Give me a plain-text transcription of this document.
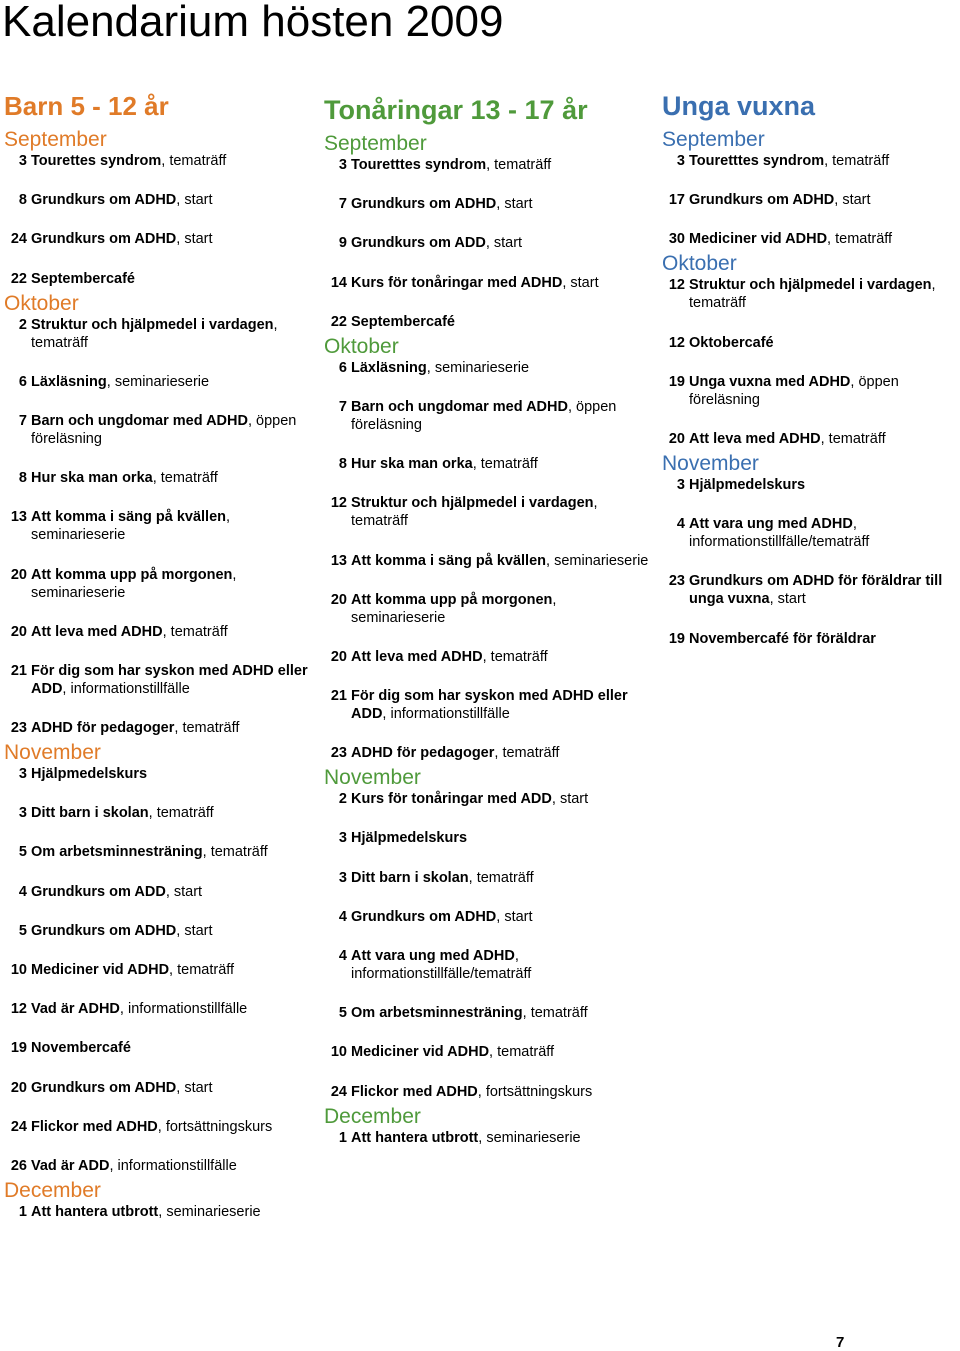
Kalendarium hösten 2009
Barn 5 - 12 år
September
3 Tourettes syndrom, tematräff
8 Grundkurs om ADHD, start
24 Grundkurs om ADHD, start
22 Septembercafé
Oktober
2 Struktur och hjälpmedel i vardagen, tematräff
6 Läxläsning, seminarieserie
7 Barn och ungdomar med ADHD, öppen föreläsning
8 Hur ska man orka, tematräff
13 Att komma i säng på kvällen, seminarieserie
20 Att komma upp på morgonen, seminarieserie
20 Att leva med ADHD, tematräff
21 För dig som har syskon med ADHD eller ADD, informationstillfälle
23 ADHD för pedagoger, tematräff
November
3 Hjälpmedelskurs
3 Ditt barn i skolan, tematräff
5 Om arbetsminnesträning, tematräff
4 Grundkurs om ADD, start
5 Grundkurs om ADHD, start
10 Mediciner vid ADHD, tematräff
12 Vad är ADHD, informationstillfälle
19 Novembercafé
20 Grundkurs om ADHD, start
24 Flickor med ADHD, fortsättningskurs
26 Vad är ADD, informationstillfälle
December
1 Att hantera utbrott, seminarieserie
Tonåringar 13 - 17 år
September
3 Touretttes syndrom, tematräff
7 Grundkurs om ADHD, start
9 Grundkurs om ADD, start
14 Kurs för tonåringar med ADHD, start
22 Septembercafé
Oktober
6 Läxläsning, seminarieserie
7 Barn och ungdomar med ADHD, öppen föreläsning
8 Hur ska man orka, tematräff
12 Struktur och hjälpmedel i vardagen, tematräff
13 Att komma i säng på kvällen, seminarieserie
20 Att komma upp på morgonen, seminarieserie
20 Att leva med ADHD, tematräff
21 För dig som har syskon med ADHD eller ADD, informationstillfälle
23 ADHD för pedagoger, tematräff
November
2 Kurs för tonåringar med ADD, start
3 Hjälpmedelskurs
3 Ditt barn i skolan, tematräff
4 Grundkurs om ADHD, start
4 Att vara ung med ADHD, informationstillfälle/tematräff
5 Om arbetsminnesträning, tematräff
10 Mediciner vid ADHD, tematräff
24 Flickor med ADHD, fortsättningskurs
December
1 Att hantera utbrott, seminarieserie
Unga vuxna
September
3 Touretttes syndrom, tematräff
17 Grundkurs om ADHD, start
30 Mediciner vid ADHD, tematräff
Oktober
12 Struktur och hjälpmedel i vardagen, tematräff
12 Oktobercafé
19 Unga vuxna med ADHD, öppen föreläsning
20 Att leva med ADHD, tematräff
November
3 Hjälpmedelskurs
4 Att vara ung med ADHD, informationstillfälle/tematräff
23 Grundkurs om ADHD för föräldrar till unga vuxna, start
19 Novembercafé för föräldrar
7
